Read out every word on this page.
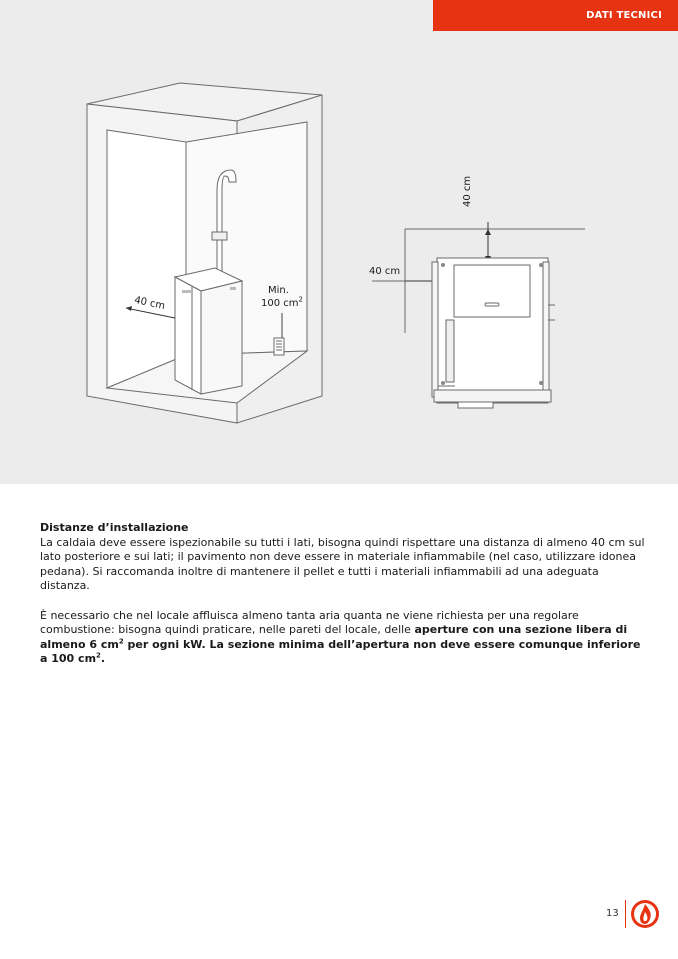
DATI TECNICI
40 cm
Min.
100 $cm^2$
40 cm
40 cm
Distanze d’installazione

La caldaia deve essere ispezionabile su tutti i lati, bisogna quindi rispettare una distanza di almeno 40 cm sul lato posteriore e sui lati; il pavimento non deve essere in materiale infiammabile (nel caso, utilizzare idonea pedana). Si raccomanda inoltre di mantenere il pellet e tutti i materiali infiammabili ad una adeguata distanza.

È necessario che nel locale affluisca almeno tanta aria quanta ne viene richiesta per una regolare combustione: bisogna quindi praticare, nelle pareti del locale, delle aperture con una sezione libera di almeno 6 $cm^2$ per ogni kW. La sezione minima dell’apertura non deve essere comunque inferiore a 100 $cm^2$.

13
